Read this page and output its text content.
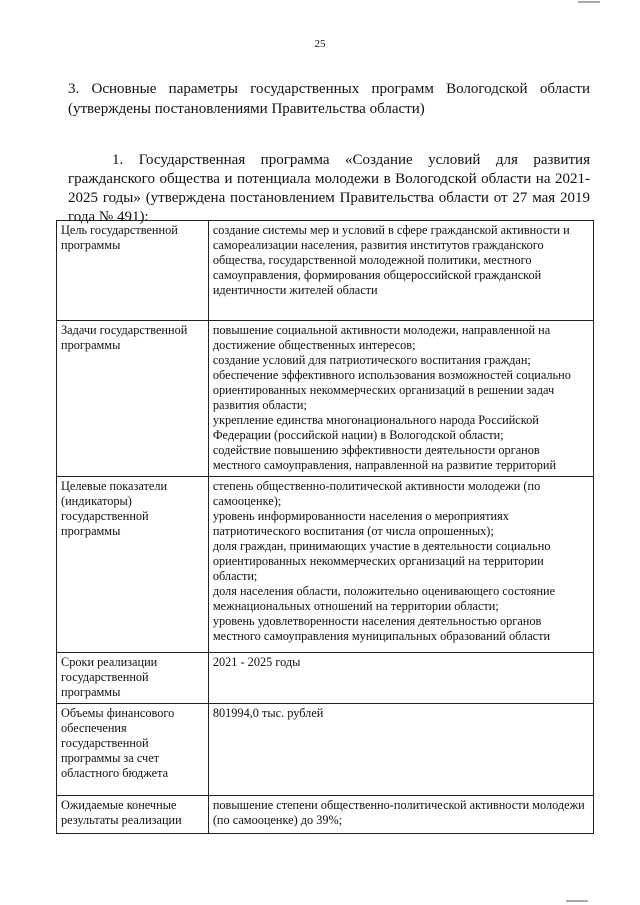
25
3. Основные параметры государственных программ Вологодской области (утверждены постановлениями Правительства области)
1. Государственная программа «Создание условий для развития гражданского общества и потенциала молодежи в Вологодской области на 2021-2025 годы» (утверждена постановлением Правительства области от 27 мая 2019 года № 491):
Цель государственной программы	создание системы мер и условий в сфере гражданской активности и самореализации населения, развития институтов гражданского общества, государственной молодежной политики, местного самоуправления, формирования общероссийской гражданской идентичности жителей области
Задачи государственной программы	повышение социальной активности молодежи, направленной на достижение общественных интересов;
создание условий для патриотического воспитания граждан;
обеспечение эффективного использования возможностей социально ориентированных некоммерческих организаций в решении задач развития области;
укрепление единства многонационального народа Российской Федерации (российской нации) в Вологодской области;
содействие повышению эффективности деятельности органов местного самоуправления, направленной на развитие территорий

Целевые показатели (индикаторы) государственной программы	степень общественно-политической активности молодежи (по самооценке);
уровень информированности населения о мероприятиях патриотического воспитания (от числа опрошенных);
доля граждан, принимающих участие в деятельности социально ориентированных некоммерческих организаций на территории области;
доля населения области, положительно оценивающего состояние межнациональных отношений на территории области;
уровень удовлетворенности населения деятельностью органов местного самоуправления муниципальных образований области

Сроки реализации государственной программы	2021 - 2025 годы
Объемы финансового обеспечения государственной программы за счет областного бюджета	801994,0 тыс. рублей
Ожидаемые конечные результаты реализации	повышение степени общественно-политической активности молодежи (по самооценке) до 39%;
